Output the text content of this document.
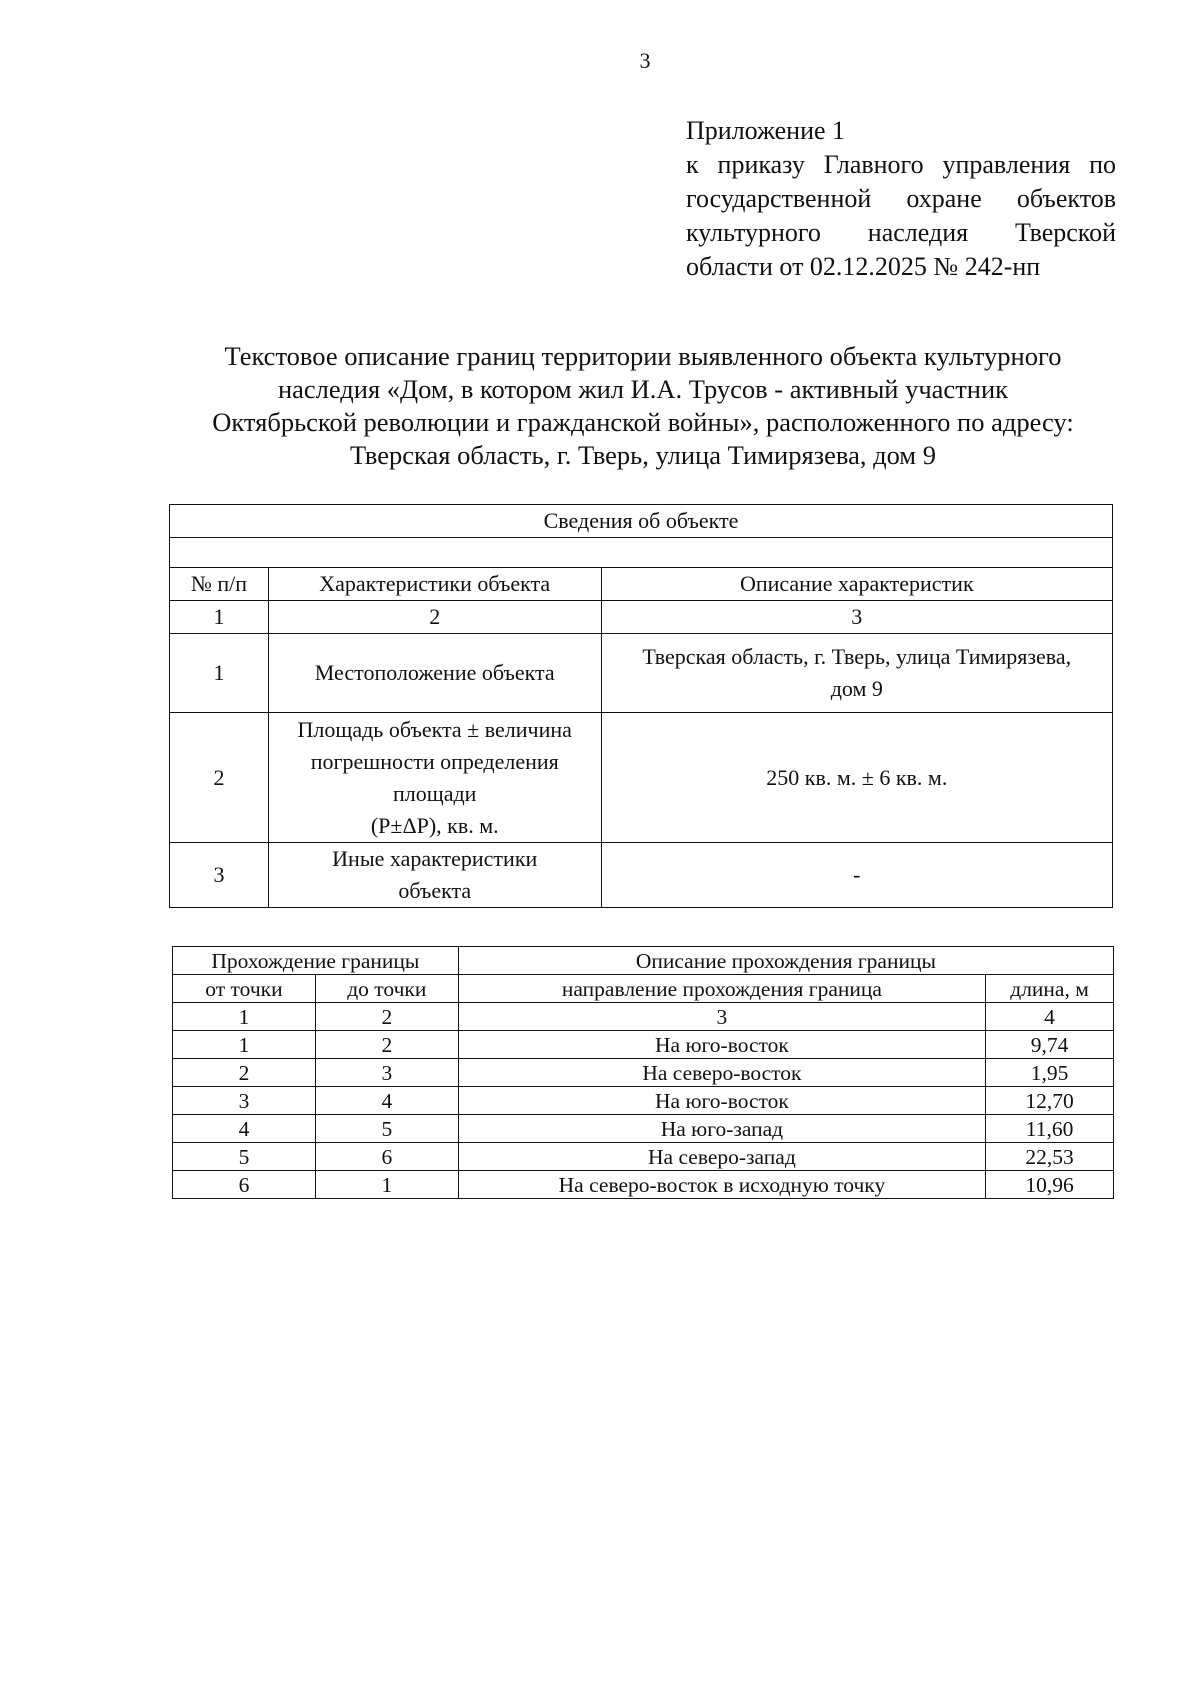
3
Приложение 1
к приказу Главного управления по
государственной охране объектов
культурного наследия Тверской
области от 02.12.2025 № 242-нп
Текстовое описание границ территории выявленного объекта культурного
наследия «Дом, в котором жил И.А. Трусов - активный участник
Октябрьской революции и гражданской войны», расположенного по адресу:
Тверская область, г. Тверь, улица Тимирязева, дом 9
Сведения об объекте		

№ п/п	Характеристики объекта	Описание характеристик
1	2	3
1	Местоположение объекта	Тверская область, г. Тверь, улица Тимирязева,
дом 9

2	Площадь объекта ± величина
погрешности определения
площади
(Р±ΔР), кв. м.	250 кв. м. ± 6 кв. м.

3	Иные характеристики
объекта	-
Прохождение границы		Описание прохождения границы	
от точки	до точки	направление прохождения граница	длина, м
1	2	3	4
1	2	На юго-восток	9,74
2	3	На северо-восток	1,95
3	4	На юго-восток	12,70
4	5	На юго-запад	11,60
5	6	На северо-запад	22,53
6	1	На северо-восток в исходную точку	10,96
